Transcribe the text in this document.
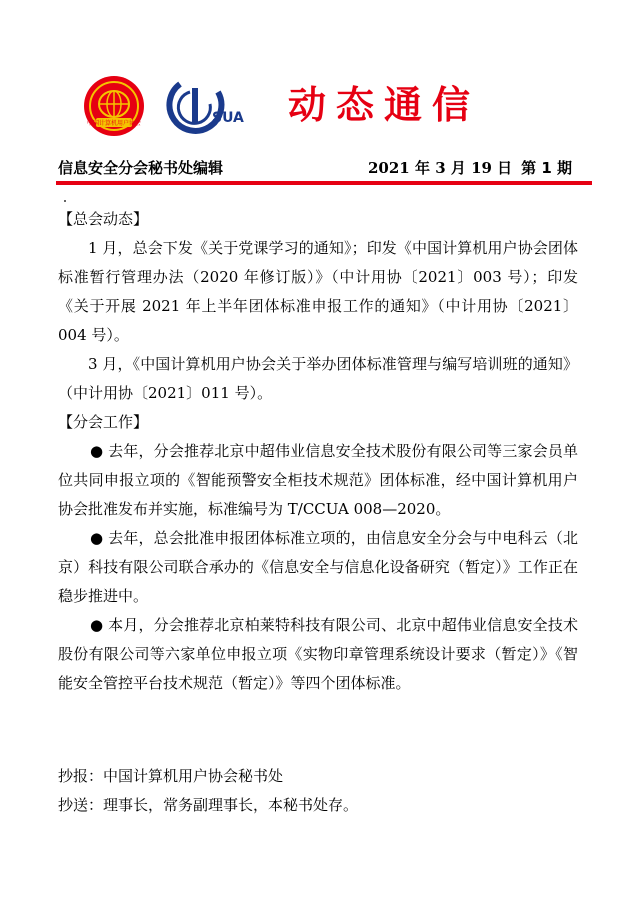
中国计算机用户协会	SUA 动态通信
信息安全分会秘书处编辑	2021 年 3 月 19 日 第 1 期

【总会动态】

1 月，总会下发《关于党课学习的通知》；印发《中国计算机用户协会团体标准暂行管理办法（2020 年修订版）》（中计用协〔2021〕003 号）；印发《关于开展 2021 年上半年团体标准申报工作的通知》（中计用协〔2021〕004 号）。

3 月，《中国计算机用户协会关于举办团体标准管理与编写培训班的通知》（中计用协〔2021〕011 号）。

【分会工作】

● 去年，分会推荐北京中超伟业信息安全技术股份有限公司等三家会员单位共同申报立项的《智能预警安全柜技术规范》团体标准，经中国计算机用户协会批准发布并实施，标准编号为 T/CCUA 008—2020。

● 去年，总会批准申报团体标准立项的，由信息安全分会与中电科云（北京）科技有限公司联合承办的《信息安全与信息化设备研究（暂定）》工作正在稳步推进中。

● 本月，分会推荐北京柏莱特科技有限公司、北京中超伟业信息安全技术股份有限公司等六家单位申报立项《实物印章管理系统设计要求（暂定）》《智能安全管控平台技术规范（暂定）》等四个团体标准。

抄报：中国计算机用户协会秘书处

抄送：理事长，常务副理事长，本秘书处存。
